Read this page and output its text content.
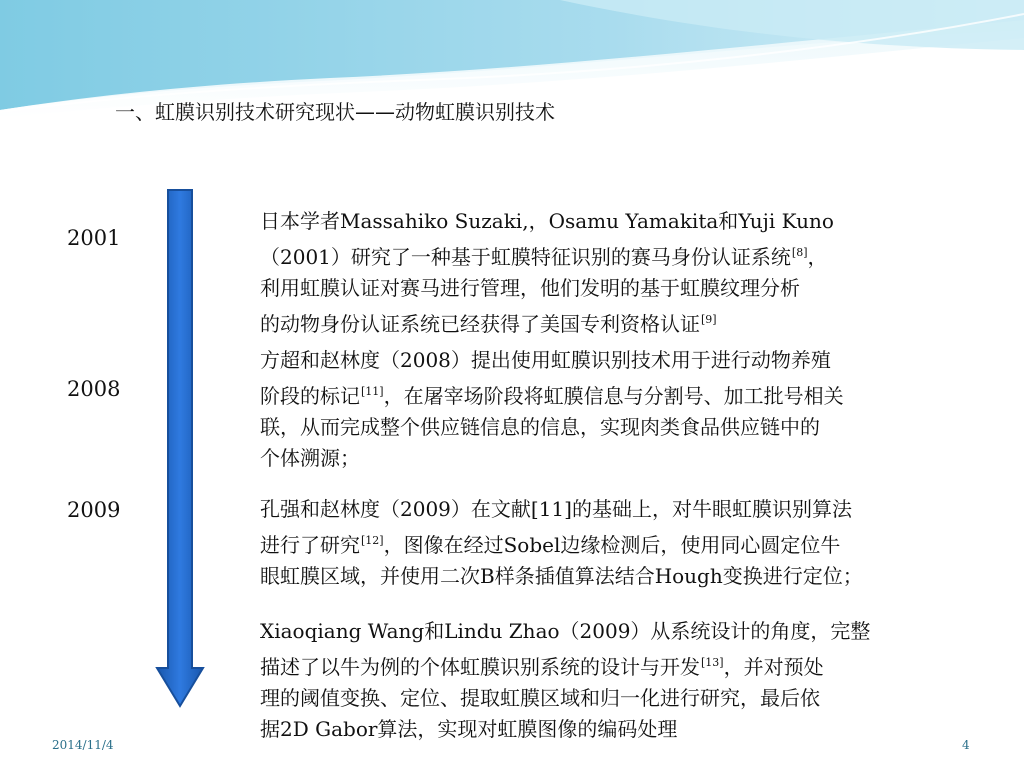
一、虹膜识别技术研究现状——动物虹膜识别技术
2001
2008
2009
日本学者Massahiko Suzaki,，Osamu Yamakita和Yuji Kuno
（2001）研究了一种基于虹膜特征识别的赛马身份认证系统[8]，
利用虹膜认证对赛马进行管理，他们发明的基于虹膜纹理分析
的动物身份认证系统已经获得了美国专利资格认证[9]
方超和赵林度（2008）提出使用虹膜识别技术用于进行动物养殖
阶段的标记[11]，在屠宰场阶段将虹膜信息与分割号、加工批号相关
联，从而完成整个供应链信息的信息，实现肉类食品供应链中的
个体溯源；
孔强和赵林度（2009）在文献[11]的基础上，对牛眼虹膜识别算法
进行了研究[12]，图像在经过Sobel边缘检测后，使用同心圆定位牛
眼虹膜区域，并使用二次B样条插值算法结合Hough变换进行定位；
Xiaoqiang Wang和Lindu Zhao（2009）从系统设计的角度，完整
描述了以牛为例的个体虹膜识别系统的设计与开发[13]，并对预处
理的阈值变换、定位、提取虹膜区域和归一化进行研究，最后依
据2D Gabor算法，实现对虹膜图像的编码处理
2014/11/4	4
